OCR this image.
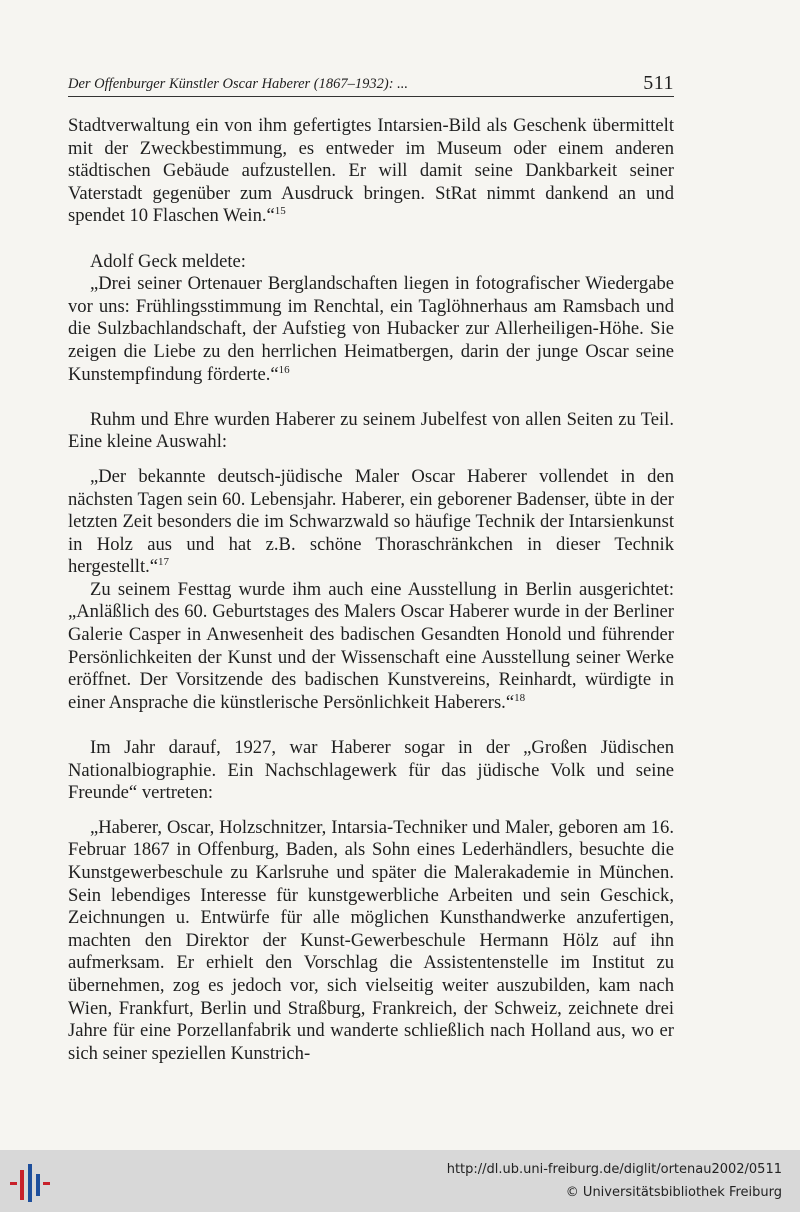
Der Offenburger Künstler Oscar Haberer (1867–1932): ...	511

Stadtverwaltung ein von ihm gefertigtes Intarsien-Bild als Geschenk übermittelt mit der Zweckbestimmung, es entweder im Museum oder einem anderen städtischen Gebäude aufzustellen. Er will damit seine Dankbarkeit seiner Vaterstadt gegenüber zum Ausdruck bringen. StRat nimmt dankend an und spendet 10 Flaschen Wein.“$^{15}$

Adolf Geck meldete:

„Drei seiner Ortenauer Berglandschaften liegen in fotografischer Wiedergabe vor uns: Frühlingsstimmung im Renchtal, ein Taglöhnerhaus am Ramsbach und die Sulzbachlandschaft, der Aufstieg von Hubacker zur Allerheiligen-Höhe. Sie zeigen die Liebe zu den herrlichen Heimatbergen, darin der junge Oscar seine Kunstempfindung förderte.“$^{16}$

Ruhm und Ehre wurden Haberer zu seinem Jubelfest von allen Seiten zu Teil. Eine kleine Auswahl:

„Der bekannte deutsch-jüdische Maler Oscar Haberer vollendet in den nächsten Tagen sein 60. Lebensjahr. Haberer, ein geborener Badenser, übte in der letzten Zeit besonders die im Schwarzwald so häufige Technik der Intarsienkunst in Holz aus und hat z.B. schöne Thoraschränkchen in dieser Technik hergestellt.“$^{17}$

Zu seinem Festtag wurde ihm auch eine Ausstellung in Berlin ausgerichtet: „Anläßlich des 60. Geburtstages des Malers Oscar Haberer wurde in der Berliner Galerie Casper in Anwesenheit des badischen Gesandten Honold und führender Persönlichkeiten der Kunst und der Wissenschaft eine Ausstellung seiner Werke eröffnet. Der Vorsitzende des badischen Kunstvereins, Reinhardt, würdigte in einer Ansprache die künstlerische Persönlichkeit Haberers.“$^{18}$

Im Jahr darauf, 1927, war Haberer sogar in der „Großen Jüdischen Nationalbiographie. Ein Nachschlagewerk für das jüdische Volk und seine Freunde“ vertreten:

„Haberer, Oscar, Holzschnitzer, Intarsia-Techniker und Maler, geboren am 16. Februar 1867 in Offenburg, Baden, als Sohn eines Lederhändlers, besuchte die Kunstgewerbeschule zu Karlsruhe und später die Malerakademie in München. Sein lebendiges Interesse für kunstgewerbliche Arbeiten und sein Geschick, Zeichnungen u. Entwürfe für alle möglichen Kunsthandwerke anzufertigen, machten den Direktor der Kunst-Gewerbeschule Hermann Hölz auf ihn aufmerksam. Er erhielt den Vorschlag die Assistentenstelle im Institut zu übernehmen, zog es jedoch vor, sich vielseitig weiter auszubilden, kam nach Wien, Frankfurt, Berlin und Straßburg, Frankreich, der Schweiz, zeichnete drei Jahre für eine Porzellanfabrik und wanderte schließlich nach Holland aus, wo er sich seiner speziellen Kunstrich-

http://dl.ub.uni-freiburg.de/diglit/ortenau2002/0511
© Universitätsbibliothek Freiburg
